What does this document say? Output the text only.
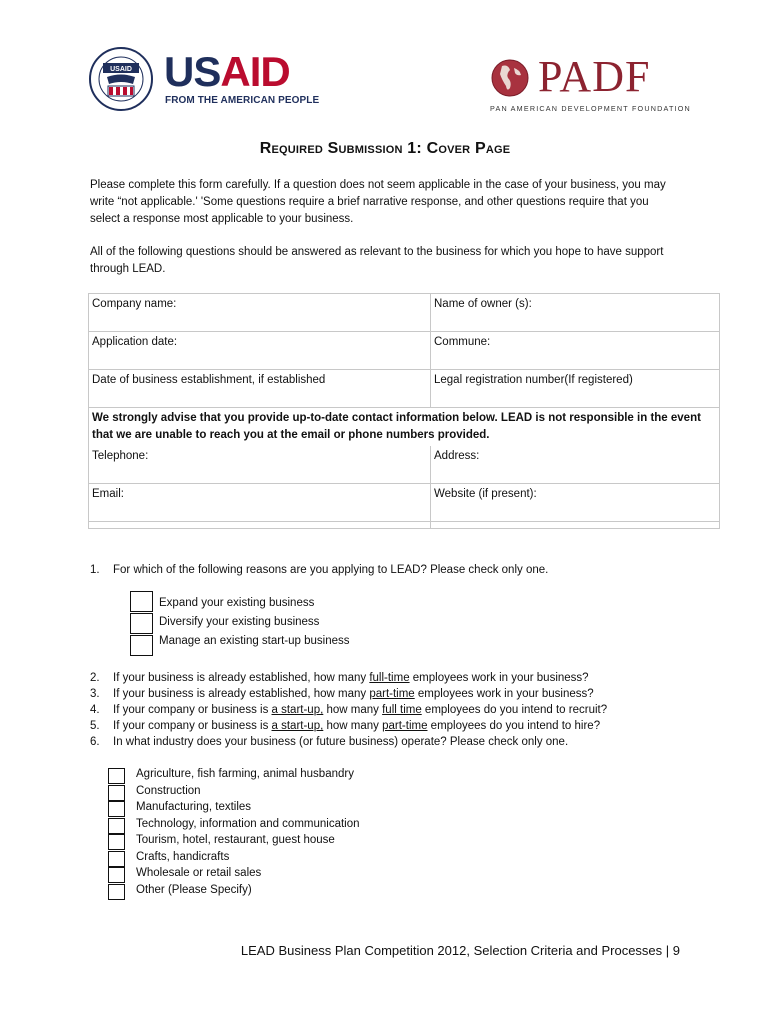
USAID USAID
FROM THE AMERICAN PEOPLE	PADF
PAN AMERICAN DEVELOPMENT FOUNDATION
Required Submission 1: Cover Page
Please complete this form carefully. If a question does not seem applicable in the case of your business, you may write “not applicable.' 'Some questions require a brief narrative response, and other questions require that you select a response most applicable to your business.
All of the following questions should be answered as relevant to the business for which you hope to have support through LEAD.
Company name:	Name of owner (s):
Application date:	Commune:
Date of business establishment, if established	Legal registration number(If registered)
We strongly advise that you provide up-to-date contact information below. LEAD is not responsible in the event that we are unable to reach you at the email or phone numbers provided.	
Telephone:	Address:
Email:	Website (if present):

1. For which of the following reasons are you applying to LEAD? Please check only one.
Expand your existing business
Diversify your existing business
Manage an existing start-up business
2. If your business is already established, how many full-time employees work in your business?
3. If your business is already established, how many part-time employees work in your business?
4. If your company or business is a start-up, how many full time employees do you intend to recruit?
5. If your company or business is a start-up, how many part-time employees do you intend to hire?
6. In what industry does your business (or future business) operate? Please check only one.
Agriculture, fish farming, animal husbandry
Construction
Manufacturing, textiles
Technology, information and communication
Tourism, hotel, restaurant, guest house
Crafts, handicrafts
Wholesale or retail sales
Other (Please Specify)
LEAD Business Plan Competition 2012, Selection Criteria and Processes | 9
